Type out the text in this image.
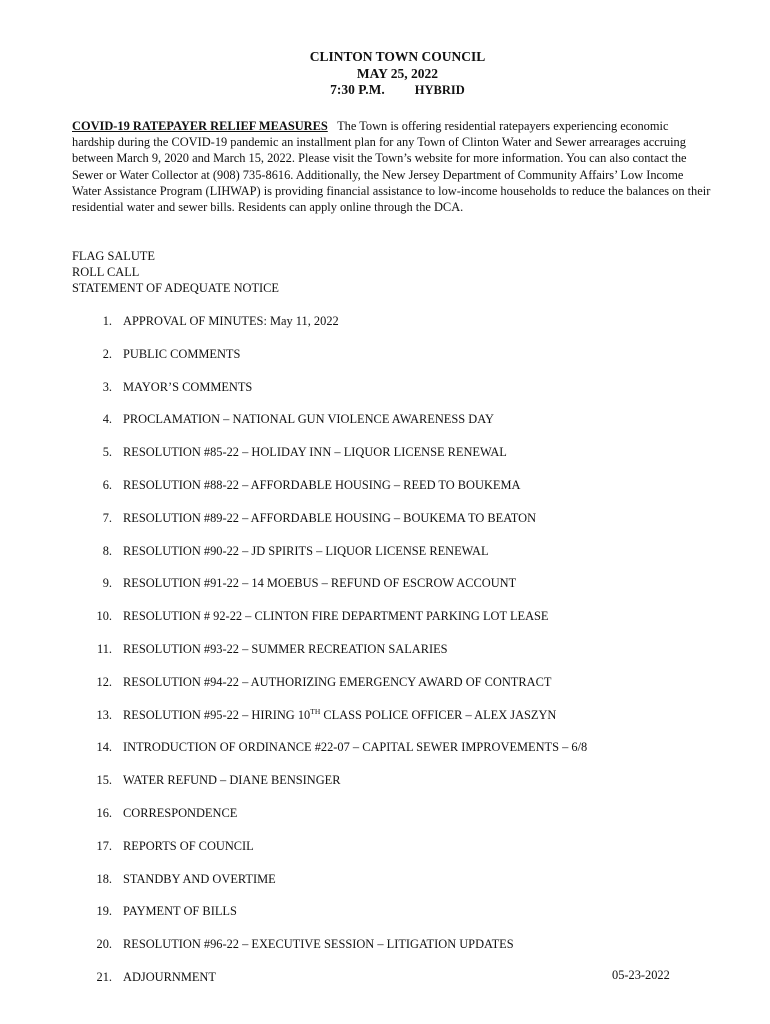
CLINTON TOWN COUNCIL
MAY 25, 2022
7:30 P.M. HYBRID
COVID-19 RATEPAYER RELIEF MEASURES The Town is offering residential ratepayers experiencing economic hardship during the COVID-19 pandemic an installment plan for any Town of Clinton Water and Sewer arrearages accruing between March 9, 2020 and March 15, 2022. Please visit the Town’s website for more information. You can also contact the Sewer or Water Collector at (908) 735-8616. Additionally, the New Jersey Department of Community Affairs’ Low Income Water Assistance Program (LIHWAP) is providing financial assistance to low-income households to reduce the balances on their residential water and sewer bills. Residents can apply online through the DCA.
FLAG SALUTE
ROLL CALL
STATEMENT OF ADEQUATE NOTICE
1. APPROVAL OF MINUTES: May 11, 2022
2. PUBLIC COMMENTS
3. MAYOR’S COMMENTS
4. PROCLAMATION – NATIONAL GUN VIOLENCE AWARENESS DAY
5. RESOLUTION #85-22 – HOLIDAY INN – LIQUOR LICENSE RENEWAL
6. RESOLUTION #88-22 – AFFORDABLE HOUSING – REED TO BOUKEMA
7. RESOLUTION #89-22 – AFFORDABLE HOUSING – BOUKEMA TO BEATON
8. RESOLUTION #90-22 – JD SPIRITS – LIQUOR LICENSE RENEWAL
9. RESOLUTION #91-22 – 14 MOEBUS – REFUND OF ESCROW ACCOUNT
10. RESOLUTION # 92-22 – CLINTON FIRE DEPARTMENT PARKING LOT LEASE
11. RESOLUTION #93-22 – SUMMER RECREATION SALARIES
12. RESOLUTION #94-22 – AUTHORIZING EMERGENCY AWARD OF CONTRACT
13. RESOLUTION #95-22 – HIRING 10TH CLASS POLICE OFFICER – ALEX JASZYN
14. INTRODUCTION OF ORDINANCE #22-07 – CAPITAL SEWER IMPROVEMENTS – 6/8
15. WATER REFUND – DIANE BENSINGER
16. CORRESPONDENCE
17. REPORTS OF COUNCIL
18. STANDBY AND OVERTIME
19. PAYMENT OF BILLS
20. RESOLUTION #96-22 – EXECUTIVE SESSION – LITIGATION UPDATES
21. ADJOURNMENT	05-23-2022
